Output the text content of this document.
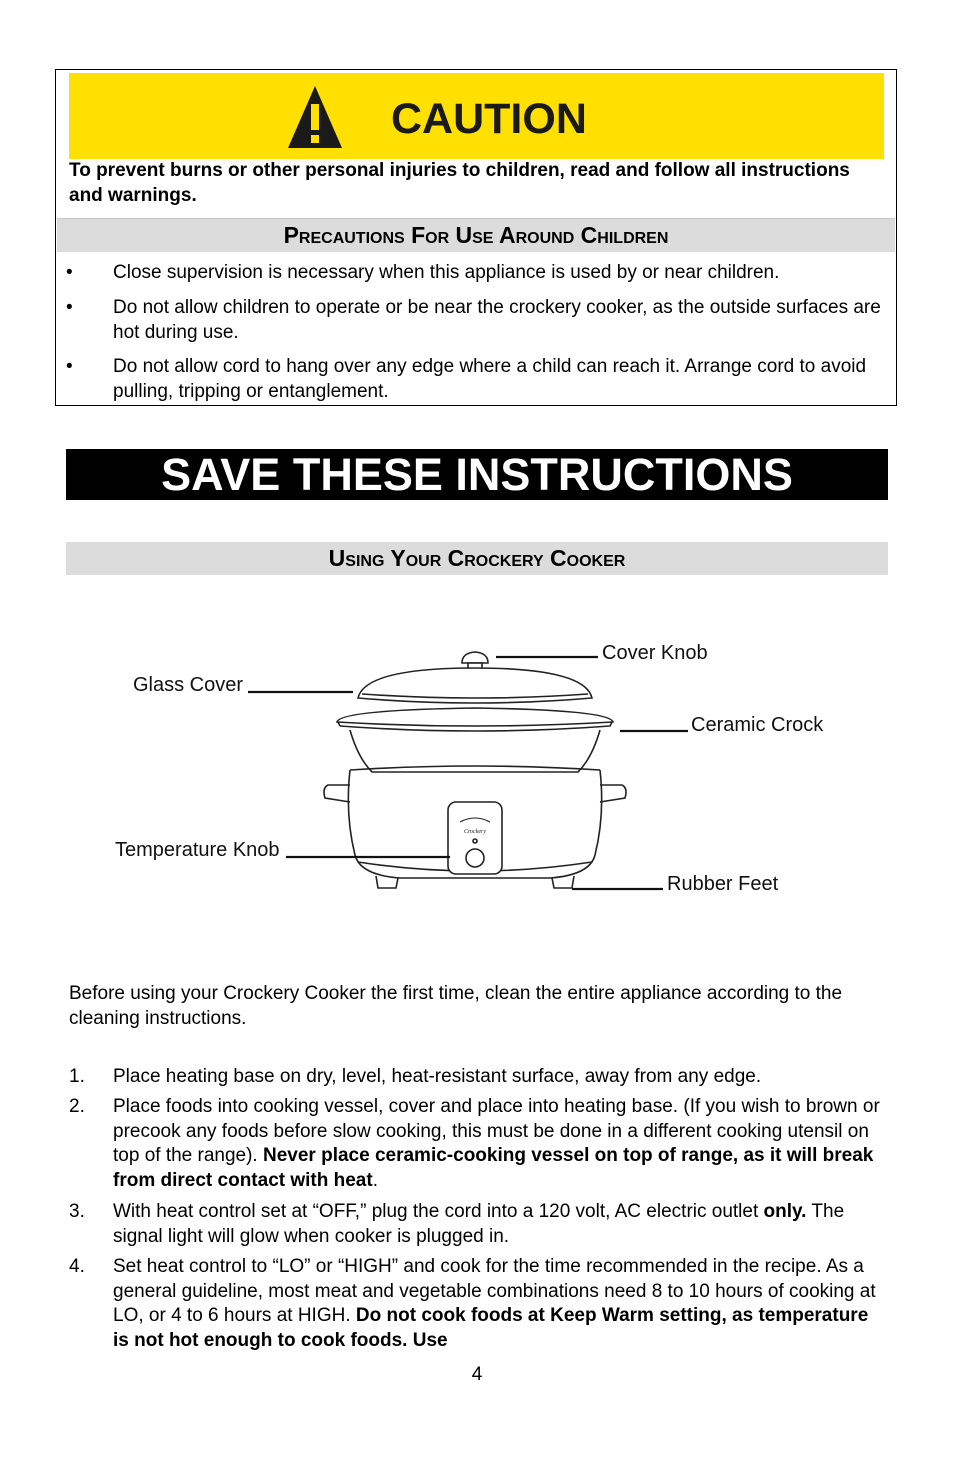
CAUTION
To prevent burns or other personal injuries to children, read and follow all instructions and warnings.
Precautions For Use Around Children
• Close supervision is necessary when this appliance is used by or near children.
• Do not allow children to operate or be near the crockery cooker, as the outside surfaces are hot during use.
• Do not allow cord to hang over any edge where a child can reach it. Arrange cord to avoid pulling, tripping or entanglement.
SAVE THESE INSTRUCTIONS
Using Your Crockery Cooker
Crockery
Cover Knob
Glass Cover
Ceramic Crock
Temperature Knob
Rubber Feet
Before using your Crockery Cooker the first time, clean the entire appliance according to the cleaning instructions.
1. Place heating base on dry, level, heat-resistant surface, away from any edge.
2. Place foods into cooking vessel, cover and place into heating base. (If you wish to brown or precook any foods before slow cooking, this must be done in a different cooking utensil on top of the range). Never place ceramic-cooking vessel on top of range, as it will break from direct contact with heat.
3. With heat control set at “OFF,” plug the cord into a 120 volt, AC electric outlet only. The signal light will glow when cooker is plugged in.
4. Set heat control to “LO” or “HIGH” and cook for the time recommended in the recipe. As a general guideline, most meat and vegetable combinations need 8 to 10 hours of cooking at LO, or 4 to 6 hours at HIGH. Do not cook foods at Keep Warm setting, as temperature is not hot enough to cook foods. Use
4
